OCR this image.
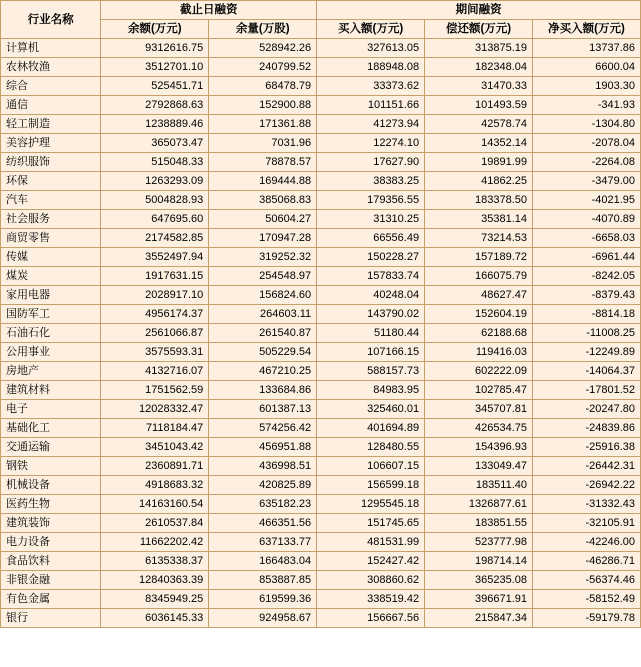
行业名称	截止日融资		期间融资		
	余额(万元)	余量(万股)	买入额(万元)	偿还额(万元)	净买入额(万元)
计算机	9312616.75	528942.26	327613.05	313875.19	13737.86
农林牧渔	3512701.10	240799.52	188948.08	182348.04	6600.04
综合	525451.71	68478.79	33373.62	31470.33	1903.30
通信	2792868.63	152900.88	101151.66	101493.59	-341.93
轻工制造	1238889.46	171361.88	41273.94	42578.74	-1304.80
美容护理	365073.47	7031.96	12274.10	14352.14	-2078.04
纺织服饰	515048.33	78878.57	17627.90	19891.99	-2264.08
环保	1263293.09	169444.88	38383.25	41862.25	-3479.00
汽车	5004828.93	385068.83	179356.55	183378.50	-4021.95
社会服务	647695.60	50604.27	31310.25	35381.14	-4070.89
商贸零售	2174582.85	170947.28	66556.49	73214.53	-6658.03
传媒	3552497.94	319252.32	150228.27	157189.72	-6961.44
煤炭	1917631.15	254548.97	157833.74	166075.79	-8242.05
家用电器	2028917.10	156824.60	40248.04	48627.47	-8379.43
国防军工	4956174.37	264603.11	143790.02	152604.19	-8814.18
石油石化	2561066.87	261540.87	51180.44	62188.68	-11008.25
公用事业	3575593.31	505229.54	107166.15	119416.03	-12249.89
房地产	4132716.07	467210.25	588157.73	602222.09	-14064.37
建筑材料	1751562.59	133684.86	84983.95	102785.47	-17801.52
电子	12028332.47	601387.13	325460.01	345707.81	-20247.80
基础化工	7118184.47	574256.42	401694.89	426534.75	-24839.86
交通运输	3451043.42	456951.88	128480.55	154396.93	-25916.38
钢铁	2360891.71	436998.51	106607.15	133049.47	-26442.31
机械设备	4918683.32	420825.89	156599.18	183511.40	-26942.22
医药生物	14163160.54	635182.23	1295545.18	1326877.61	-31332.43
建筑装饰	2610537.84	466351.56	151745.65	183851.55	-32105.91
电力设备	11662202.42	637133.77	481531.99	523777.98	-42246.00
食品饮料	6135338.37	166483.04	152427.42	198714.14	-46286.71
非银金融	12840363.39	853887.85	308860.62	365235.08	-56374.46
有色金属	8345949.25	619599.36	338519.42	396671.91	-58152.49
银行	6036145.33	924958.67	156667.56	215847.34	-59179.78
